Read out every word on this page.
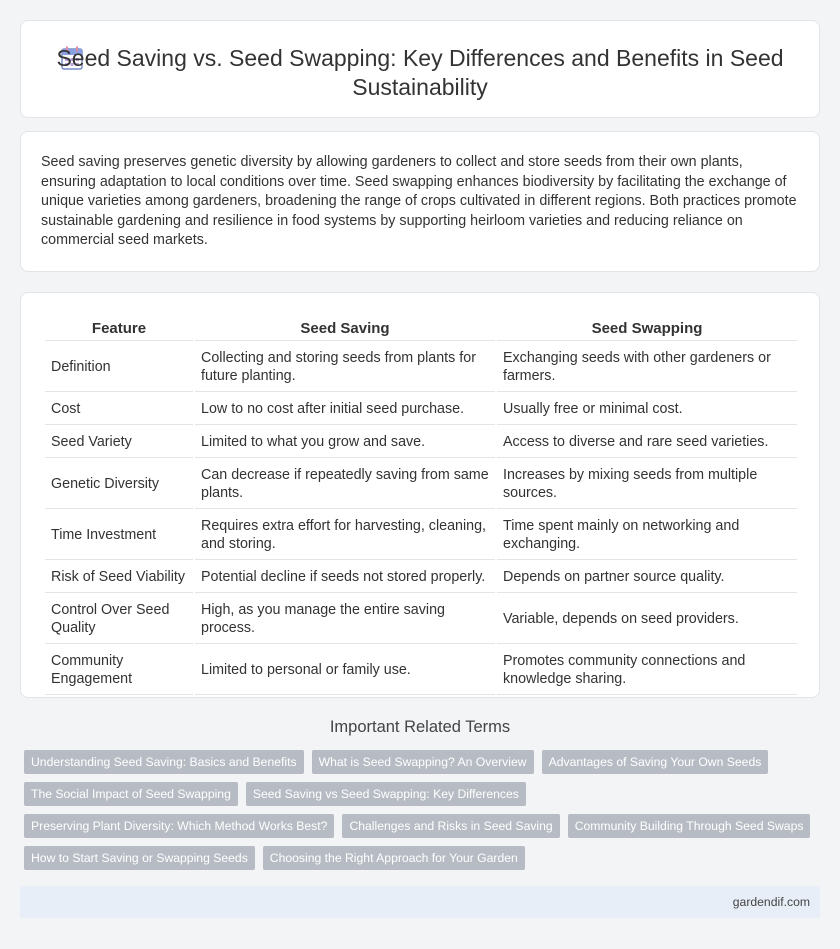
Seed Saving vs. Seed Swapping: Key Differences and Benefits in Seed Sustainability

Seed saving preserves genetic diversity by allowing gardeners to collect and store seeds from their own plants, ensuring adaptation to local conditions over time. Seed swapping enhances biodiversity by facilitating the exchange of unique varieties among gardeners, broadening the range of crops cultivated in different regions. Both practices promote sustainable gardening and resilience in food systems by supporting heirloom varieties and reducing reliance on commercial seed markets.

Feature	Seed Saving	Seed Swapping
Definition	Collecting and storing seeds from plants for future planting.	Exchanging seeds with other gardeners or farmers.
Cost	Low to no cost after initial seed purchase.	Usually free or minimal cost.
Seed Variety	Limited to what you grow and save.	Access to diverse and rare seed varieties.
Genetic Diversity	Can decrease if repeatedly saving from same plants.	Increases by mixing seeds from multiple sources.
Time Investment	Requires extra effort for harvesting, cleaning, and storing.	Time spent mainly on networking and exchanging.
Risk of Seed Viability	Potential decline if seeds not stored properly.	Depends on partner source quality.
Control Over Seed Quality	High, as you manage the entire saving process.	Variable, depends on seed providers.
Community Engagement	Limited to personal or family use.	Promotes community connections and knowledge sharing.
Important Related Terms
Understanding Seed Saving: Basics and Benefits	What is Seed Swapping? An Overview	Advantages of Saving Your Own Seeds
The Social Impact of Seed Swapping	Seed Saving vs Seed Swapping: Key Differences
Preserving Plant Diversity: Which Method Works Best?	Challenges and Risks in Seed Saving	Community Building Through Seed Swaps
How to Start Saving or Swapping Seeds	Choosing the Right Approach for Your Garden
gardendif.com
